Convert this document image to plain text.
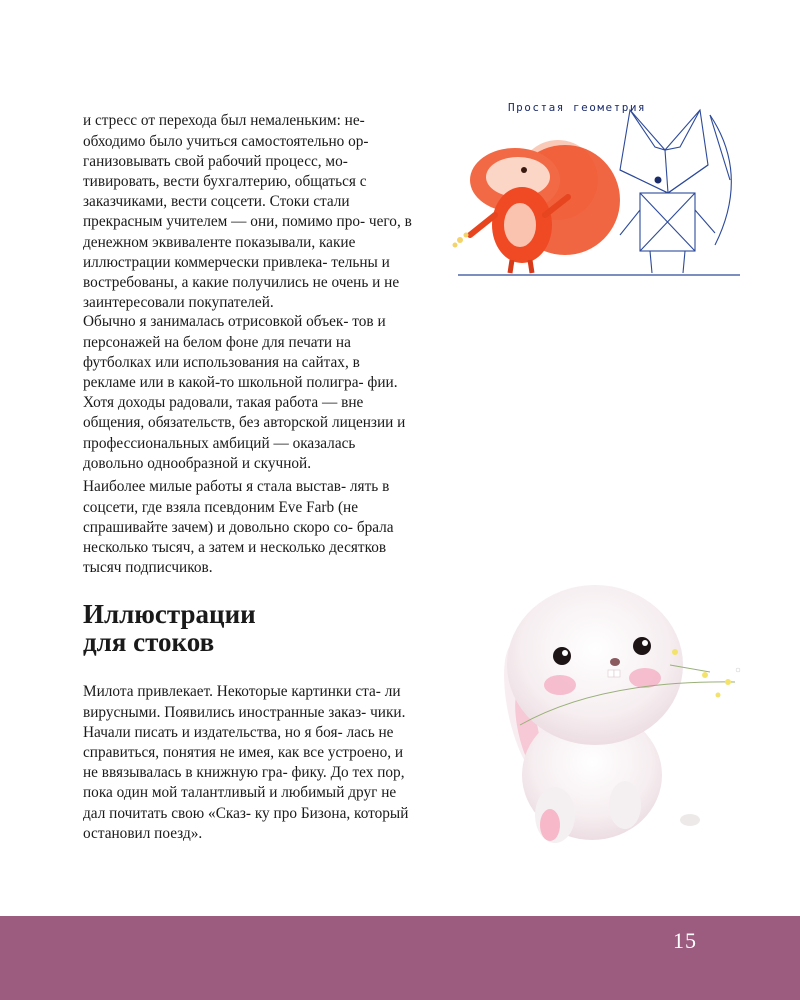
и стресс от перехода был немаленьким: не- обходимо было учиться самостоятельно ор- ганизовывать свой рабочий процесс, мо- тивировать, вести бухгалтерию, общаться с заказчиками, вести соцсети. Стоки стали прекрасным учителем — они, помимо про- чего, в денежном эквиваленте показывали, какие иллюстрации коммерчески привлека- тельны и востребованы, а какие получились не очень и не заинтересовали покупателей.

Простая геометрия

Обычно я занималась отрисовкой объек- тов и персонажей на белом фоне для печати на футболках или использования на сайтах, в рекламе или в какой-то школьной полигра- фии. Хотя доходы радовали, такая работа — вне общения, обязательств, без авторской лицензии и профессиональных амбиций — оказалась довольно однообразной и скучной.

Наиболее милые работы я стала выстав- лять в соцсети, где взяла псевдоним Eve Farb (не спрашивайте зачем) и довольно скоро со- брала несколько тысяч, а затем и несколько десятков тысяч подписчиков.

Иллюстрации
для стоков

Милота привлекает. Некоторые картинки ста- ли вирусными. Появились иностранные заказ- чики. Начали писать и издательства, но я боя- лась не справиться, понятия не имея, как все устроено, и не ввязывалась в книжную гра- фику. До тех пор, пока один мой талантливый и любимый друг не дал почитать свою «Сказ- ку про Бизона, который остановил поезд».

15
